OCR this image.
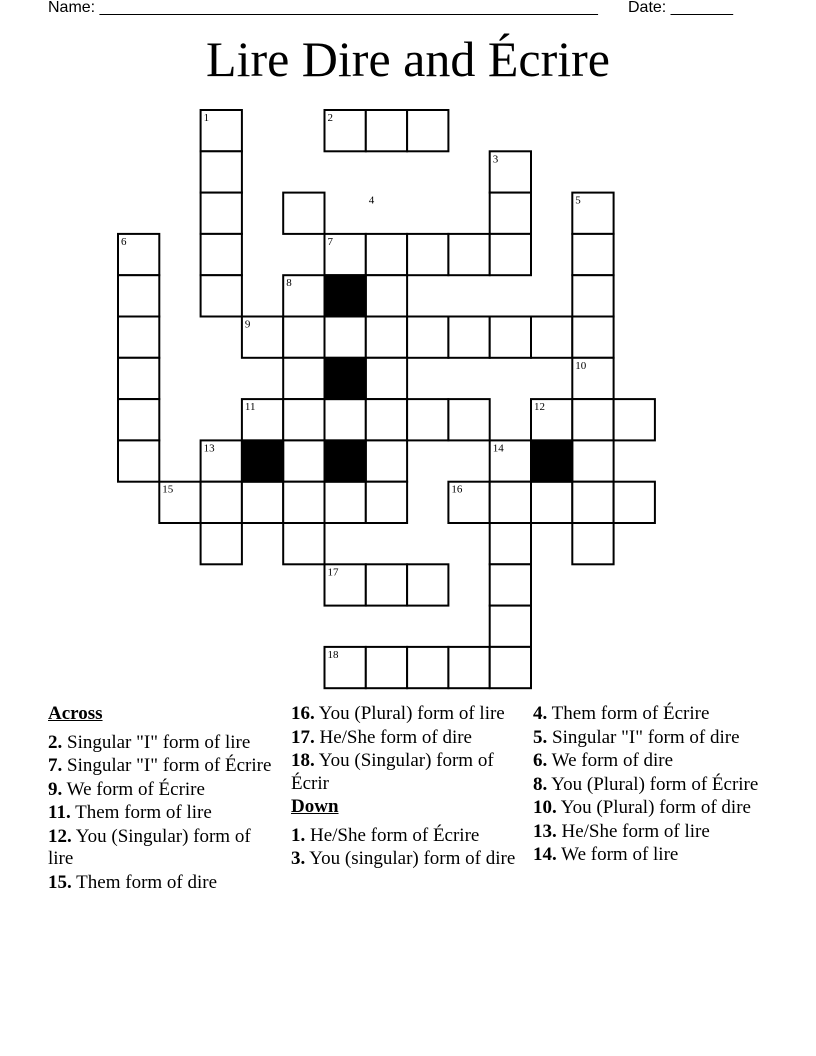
Name: ________________________________________________________ Date: _______
Lire Dire and Écrire
1	2
3
4	5
6	7
8
9
10
11	12
13	14
15	16
17
18
Across
2. Singular "I" form of lire
7. Singular "I" form of Écrire
9. We form of Écrire
11. Them form of lire
12. You (Singular) form of lire
15. Them form of dire
16. You (Plural) form of lire
17. He/She form of dire
18. You (Singular) form of Écrir
Down
1. He/She form of Écrire
3. You (singular) form of dire
4. Them form of Écrire
5. Singular "I" form of dire
6. We form of dire
8. You (Plural) form of Écrire
10. You (Plural) form of dire
13. He/She form of lire
14. We form of lire
